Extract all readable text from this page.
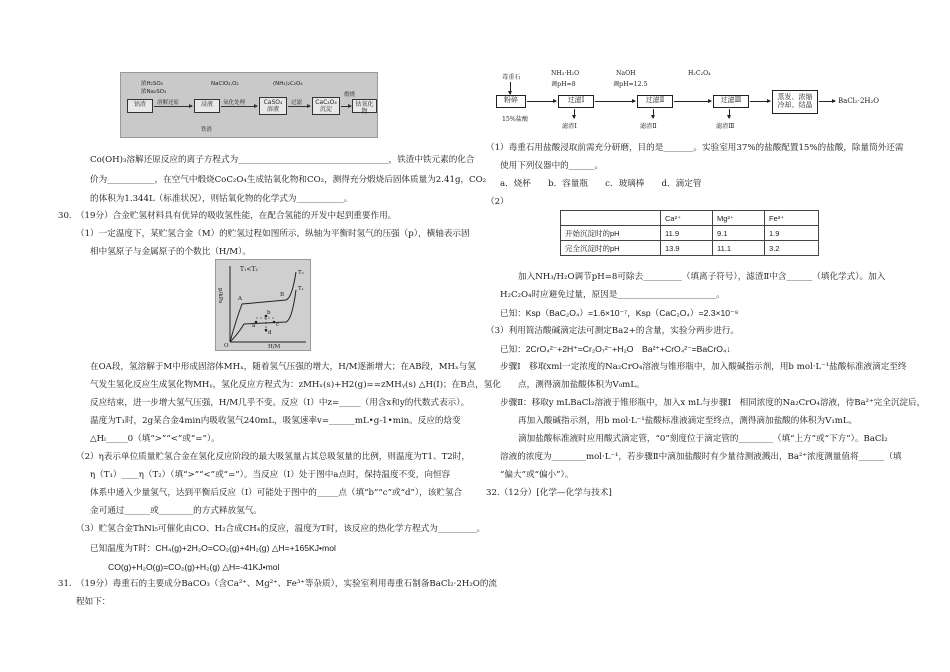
浓H₂SO₄
浓Na₂SO₃
NaClO₃,O₂	(NH₄)₂C₂O₄
钴渣	溶解还原	浸液	氧化处理	CaSO₄ 溶液
过滤	CaC₂O₄ 沉淀
煅烧
钴氧化物
铁渣
Co(OH)₃溶解还原反应的离子方程式为___________________________________，铁渣中铁元素的化合
价为___________，在空气中煅烧CoC₂O₄生成钴氧化物和CO₂，测得充分煅烧后固体质量为2.41g，CO₂
的体积为1.344L（标准状况），则钴氧化物的化学式为___________。
30.　（19分）合金贮氢材料具有优异的吸收氢性能，在配合氢能的开发中起到重要作用。
（1）一定温度下，某贮氢合金（M）的贮氢过程如图所示，纵轴为平衡时氢气的压强（p），横轴表示固
相中氢原子与金属原子的个数比（H/M）。
在OA段，氢溶解于M中形成固溶体MHₓ，随着氢气压强的增大，H/M逐渐增大；在AB段，MHₓ与氢
气发生氢化反应生成氢化物MHᵧ，氢化反应方程式为：zMHₓ(s)+H2(g)==zMHᵧ(s) △H(Ⅰ)；在B点，氢化
反应结束，进一步增大氢气压强，H/M几乎不变。反应（Ⅰ）中z=_____（用含x和y的代数式表示）。
温度为T₁时，2g某合金4min内吸收氢气240mL，吸氢速率v=______mL•g-1•min。反应的焓变
△Hₗ_____0（填“>”“<”或“=”）。
（2）η表示单位质量贮氢合金在氢化反应阶段的最大吸氢量占其总吸氢量的比例，则温度为T1、T2时，
η（T₁）____η（T₂）（填“>”“<”或“=”）。当反应（Ⅰ）处于图中a点时，保持温度不变，向恒容
体系中通入少量氢气，达到平衡后反应（Ⅰ）可能处于图中的_____点（填“b”“c”或“d”），该贮氢合
金可通过______或________的方式释放氢气。
（3）贮氢合金ThNi₅可催化由CO、H₂合成CH₄的反应，温度为T时，该反应的热化学方程式为_________。
已知温度为T时：CH₄(g)+2H₂O=CO₂(g)+4H₂(g) △H=+165KJ•mol
CO(g)+H₂O(g)=CO₂(g)+H₂(g) △H=-41KJ•mol
31.　（19分）毒重石的主要成分BaCO₃（含Ca²⁺、Mg²⁺、Fe³⁺等杂质），实验室利用毒重石制备BaCl₂·2H₂O的流
程如下：
T₁<T₂
p/kPa
H/M
O
a
b
c
d
A
B
T₁
T₂
毒重石
粉碎
15%盐酸
NH₃·H₂O
调pH=8
过滤Ⅰ
滤渣Ⅰ
NaOH
调pH=12.5
过滤Ⅱ
滤渣Ⅱ
H₂C₂O₄
过滤Ⅲ
滤渣Ⅲ
蒸发、浓缩 冷却、结晶
BaCl₂·2H₂O
（1）毒重石用盐酸浸取前需充分研磨，目的是_______。实验室用37%的盐酸配置15%的盐酸，除量筒外还需
使用下列仪器中的______。
a．烧杯　　b．容量瓶　　c．玻璃棒　　d．滴定管
（2）
	Ca²⁺	Mg²⁺	Fe³⁺
开始沉淀时的pH	11.9	9.1	1.9
完全沉淀时的pH	13.9	11.1	3.2
加入NH₃/H₂O调节pH=8可除去_________（填离子符号），滤渣Ⅱ中含______（填化学式）。加入
H₂C₂O₄时应避免过量，原因是_______________________。
已知：Ksp（BaC₂O₄）=1.6×10⁻⁷，Ksp（CaC₂O₄）=2.3×10⁻⁹
（3）利用简洁酸碱滴定法可测定Ba2+的含量，实验分两步进行。
已知：2CrO₄²⁻+2H⁺=Cr₂O₇²⁻+H₂O　Ba²⁺+CrO₄²⁻=BaCrO₄↓
步骤Ⅰ　移取xml一定浓度的Na₂CrO₄溶液与锥形瓶中，加入酸碱指示剂，用b mol·L⁻¹盐酸标准液滴定至终
点，测得滴加盐酸体积为V₀mL。
步骤Ⅱ：移取y mLBaCl₂溶液于锥形瓶中，加入x mL与步骤Ⅰ　相同浓度的Na₂CrO₄溶液，待Ba²⁺完全沉淀后，
再加入酸碱指示剂，用b mol·L⁻¹盐酸标准液滴定至终点，测得滴加盐酸的体积为V₁mL。
滴加盐酸标准液时应用酸式滴定管，“0”刻度位于滴定管的________（填“上方”或“下方”）。BaCl₂
溶液的浓度为________mol·L⁻¹，若步骤Ⅱ中滴加盐酸时有少量待测液溅出，Ba²⁺浓度测量值将______（填
“偏大”或“偏小”）。
32.（12分）[化学—化学与技术]
